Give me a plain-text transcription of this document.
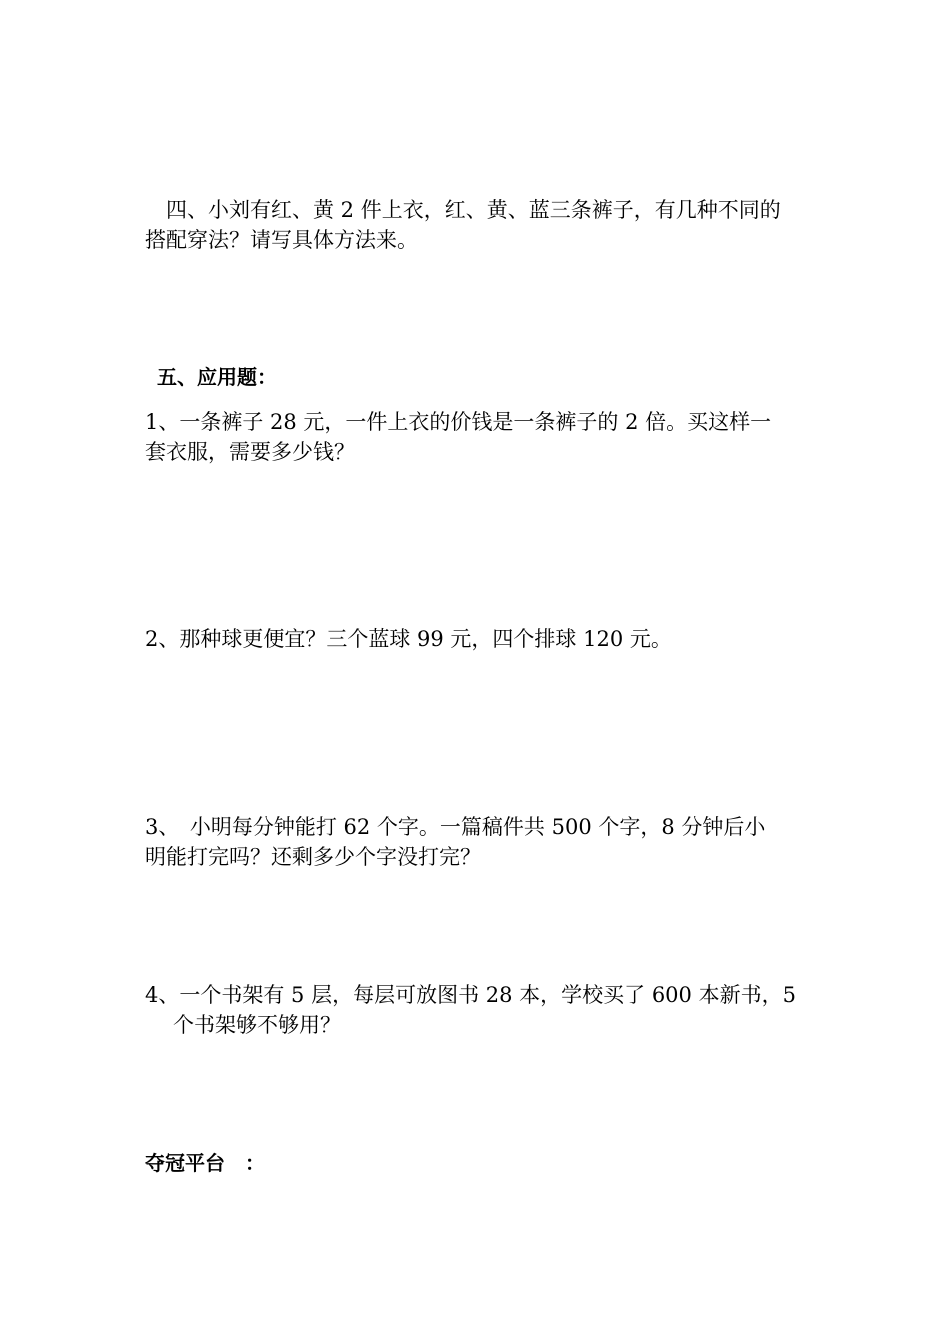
　四、小刘有红、黄 2 件上衣，红、黄、蓝三条裤子，有几种不同的
搭配穿法？请写具体方法来。
五、应用题：
1、一条裤子 28 元，一件上衣的价钱是一条裤子的 2 倍。买这样一
套衣服，需要多少钱？
2、那种球更便宜？三个蓝球 99 元，四个排球 120 元。
3、　小明每分钟能打 62 个字。一篇稿件共 500 个字，8 分钟后小
明能打完吗？还剩多少个字没打完？
4、一个书架有 5 层，每层可放图书 28 本，学校买了 600 本新书，5
个书架够不够用？
夺冠平台　：
